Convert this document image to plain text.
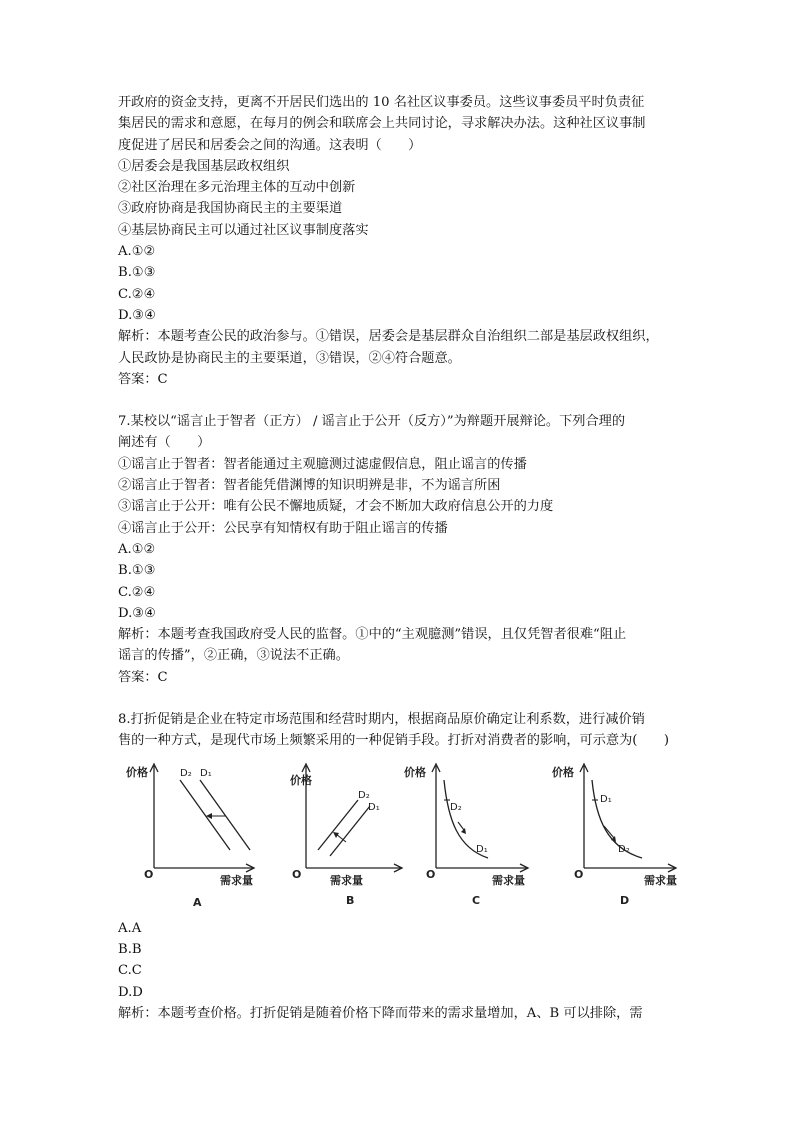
开政府的资金支持，更离不开居民们选出的 10 名社区议事委员。这些议事委员平时负责征
集居民的需求和意愿，在每月的例会和联席会上共同讨论，寻求解决办法。这种社区议事制
度促进了居民和居委会之间的沟通。这表明（　　）
①居委会是我国基层政权组织
②社区治理在多元治理主体的互动中创新
③政府协商是我国协商民主的主要渠道
④基层协商民主可以通过社区议事制度落实
A.①②
B.①③
C.②④
D.③④
解析：本题考查公民的政治参与。①错误，居委会是基层群众自治组织二部是基层政权组织，
人民政协是协商民主的主要渠道，③错误，②④符合题意。
答案：C
7.某校以“谣言止于智者（正方） / 谣言止于公开（反方）”为辩题开展辩论。下列合理的
阐述有（　　）
①谣言止于智者：智者能通过主观臆测过滤虚假信息，阻止谣言的传播
②谣言止于智者：智者能凭借渊博的知识明辨是非，不为谣言所困
③谣言止于公开：唯有公民不懈地质疑，才会不断加大政府信息公开的力度
④谣言止于公开：公民享有知情权有助于阻止谣言的传播
A.①②
B.①③
C.②④
D.③④
解析：本题考查我国政府受人民的监督。①中的“主观臆测”错误，且仅凭智者很难“阻止
谣言的传播”，②正确，③说法不正确。
答案：C
8.打折促销是企业在特定市场范围和经营时期内，根据商品原价确定让利系数，进行减价销
售的一种方式，是现代市场上频繁采用的一种促销手段。打折对消费者的影响，可示意为(　　)
价格	D₂ D₁
O	需求量
A
价格
D₂
D₁
O	需求量
B
价格
D₂
D₁
O	需求量
C
价格
D₁
D₂
O	需求量
D
A.A
B.B
C.C
D.D
解析：本题考查价格。打折促销是随着价格下降而带来的需求量增加，A、B 可以排除，需
